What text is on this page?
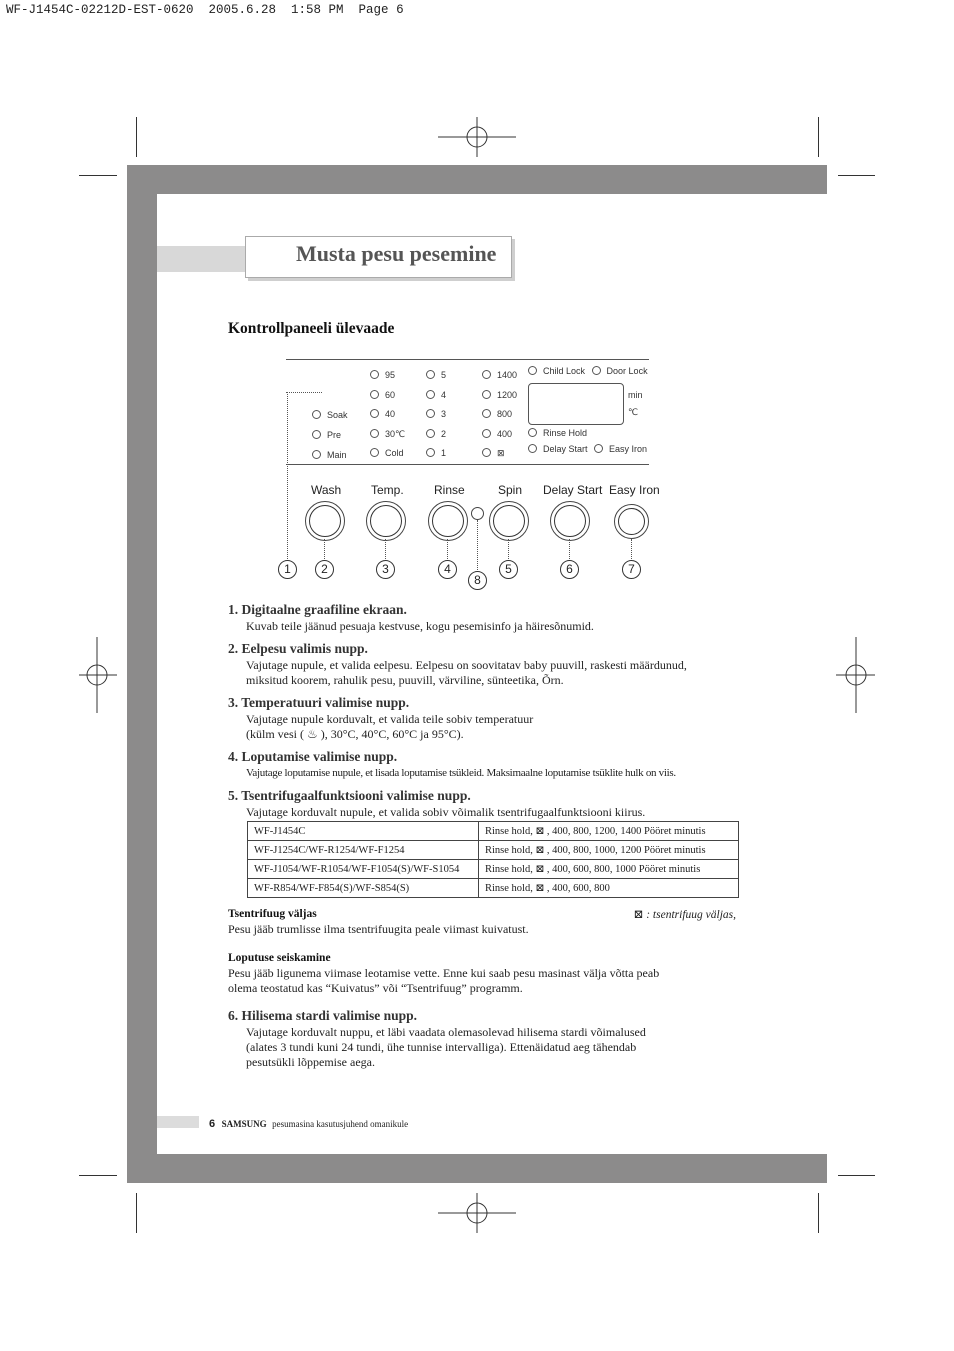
WF-J1454C-02212D-EST-0620  2005.6.28  1:58 PM  Page 6
Musta pesu pesemine
Kontrollpaneeli ülevaade
Soak
Pre
Main
95
60
40
30℃
Cold
5
4
3
2
1
1400
1200
800
400
⊠
Child Lock Door Lock
min
℃
Rinse Hold
Delay Start Easy Iron
Wash Temp.	Rinse	Spin Delay Start Easy Iron
1	2	3	4	5	6	7
8
1. Digitaalne graafiline ekraan.
Kuvab teile jäänud pesuaja kestvuse, kogu pesemisinfo ja häiresõnumid.
2. Eelpesu valimis nupp.
Vajutage nupule, et valida eelpesu. Eelpesu on soovitatav baby puuvill, raskesti määrdunud,
miksitud koorem, rahulik pesu, puuvill, värviline, sünteetika, Õrn.
3. Temperatuuri valimise nupp.
Vajutage nupule korduvalt, et valida teile sobiv temperatuur
(külm vesi ( ♨ ), 30°C, 40°C, 60°C ja 95°C).
4. Loputamise valimise nupp.
Vajutage loputamise nupule, et lisada loputamise tsükleid. Maksimaalne loputamise tsüklite hulk on viis.
5. Tsentrifugaalfunktsiooni valimise nupp.
Vajutage korduvalt nupule, et valida sobiv võimalik tsentrifugaalfunktsiooni kiirus.
WF-J1454C	Rinse hold, ⊠ , 400, 800, 1200, 1400 Pööret minutis
WF-J1254C/WF-R1254/WF-F1254	Rinse hold, ⊠ , 400, 800, 1000, 1200 Pööret minutis
WF-J1054/WF-R1054/WF-F1054(S)/WF-S1054	Rinse hold, ⊠ , 400, 600, 800, 1000 Pööret minutis
WF-R854/WF-F854(S)/WF-S854(S)	Rinse hold, ⊠ , 400, 600, 800
⊠ : tsentrifuug väljas,
Tsentrifuug väljas
Pesu jääb trumlisse ilma tsentrifuugita peale viimast kuivatust.
Loputuse seiskamine
Pesu jääb ligunema viimase leotamise vette. Enne kui saab pesu masinast välja võtta peab
olema teostatud kas “Kuivatus” või “Tsentrifuug” programm.
6. Hilisema stardi valimise nupp.
Vajutage korduvalt nuppu, et läbi vaadata olemasolevad hilisema stardi võimalused
(alates 3 tundi kuni 24 tundi, ühe tunnise intervalliga). Ettenäidatud aeg tähendab
pesutsükli lõppemise aega.
6 SAMSUNG pesumasina kasutusjuhend omanikule
